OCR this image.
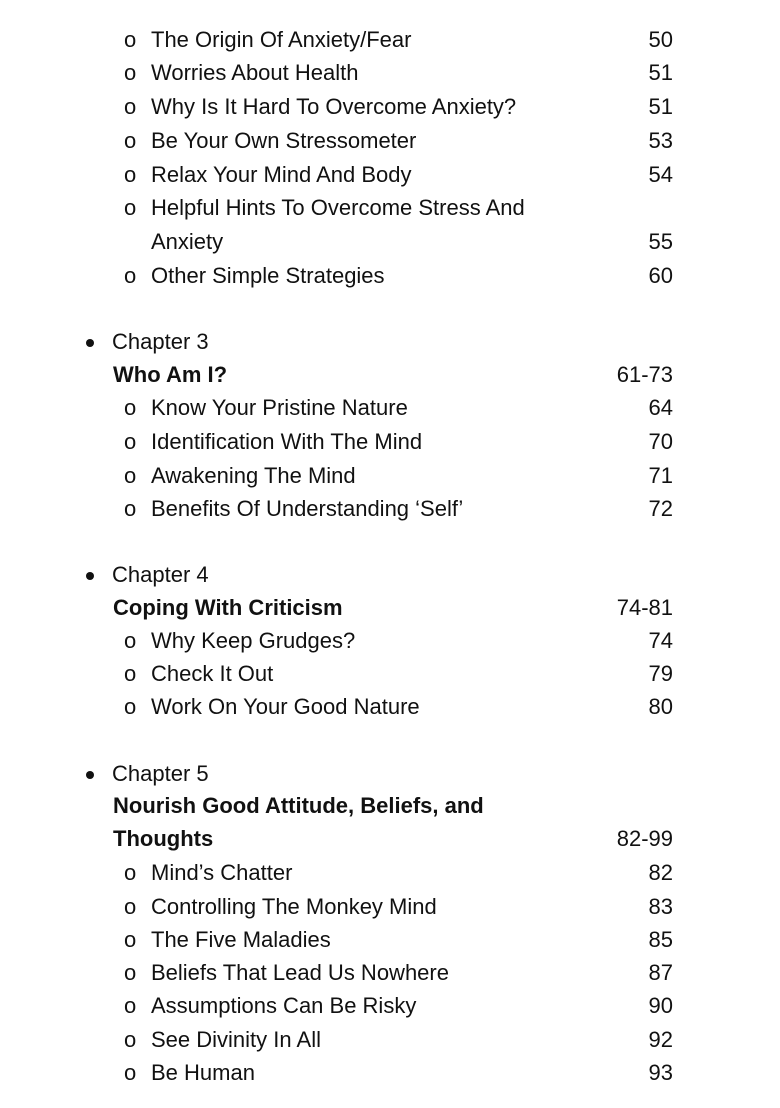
o The Origin Of Anxiety/Fear	50
o Worries About Health	51
o Why Is It Hard To Overcome Anxiety?	51
o Be Your Own Stressometer	53
o Relax Your Mind And Body	54
o Helpful Hints To Overcome Stress And
Anxiety	55
o Other Simple Strategies	60
Chapter 3
Who Am I?	61-73
o Know Your Pristine Nature	64
o Identification With The Mind	70
o Awakening The Mind	71
o Benefits Of Understanding ‘Self’	72
Chapter 4
Coping With Criticism	74-81
o Why Keep Grudges?	74
o Check It Out	79
o Work On Your Good Nature	80
Chapter 5
Nourish Good Attitude, Beliefs, and
Thoughts	82-99
o Mind’s Chatter	82
o Controlling The Monkey Mind	83
o The Five Maladies	85
o Beliefs That Lead Us Nowhere	87
o Assumptions Can Be Risky	90
o See Divinity In All	92
o Be Human	93
